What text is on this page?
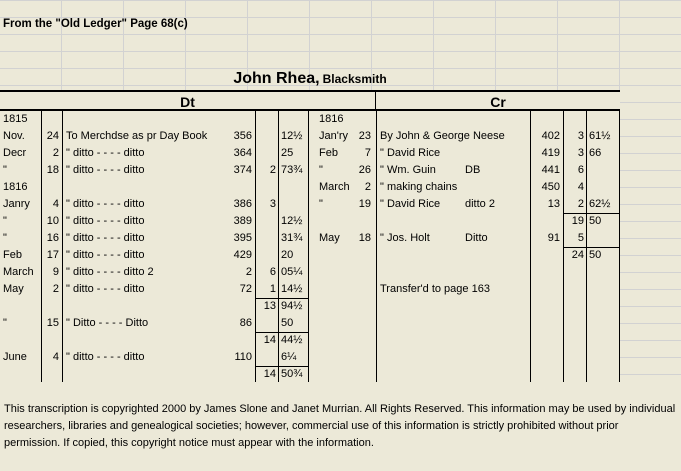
From the "Old Ledger" Page 68(c)
John Rhea, Blacksmith
Dt	Cr
1815
Nov.	24 To Merchdse as pr Day Book	356	12½
Decr	2 " ditto - - - - ditto	364	25
"	18 " ditto - - - - ditto	374	2 73¾
1816
Janry	4 " ditto - - - - ditto	386	3
"	10 " ditto - - - - ditto	389	12½
"	16 " ditto - - - - ditto	395	31¾
Feb	17 " ditto - - - - ditto	429	20
March	9 " ditto - - - - ditto 2	2	6 05¼
May	2 " ditto - - - - ditto	72	1 14½
13 94½
"	15 " Ditto - - - - Ditto	86	50
14 44½
June	4 " ditto - - - - ditto	110	6¼
14 50¾
1816
Jan'ry 23 By John & George Neese	402	3 61½
Feb	7 " David Rice	419	3 66
"	26 " Wm. Guin	DB	441	6
March	2 " making chains	450	4
"	19 " David Rice	ditto 2	13	2 62½
19 50
May	18 " Jos. Holt	Ditto	91	5
24 50
Transfer'd to page 163
This transcription is copyrighted 2000 by James Slone and Janet Murrian. All Rights Reserved. This information may be used by individual researchers, libraries and genealogical societies; however, commercial use of this information is strictly prohibited without prior permission. If copied, this copyright notice must appear with the information.
